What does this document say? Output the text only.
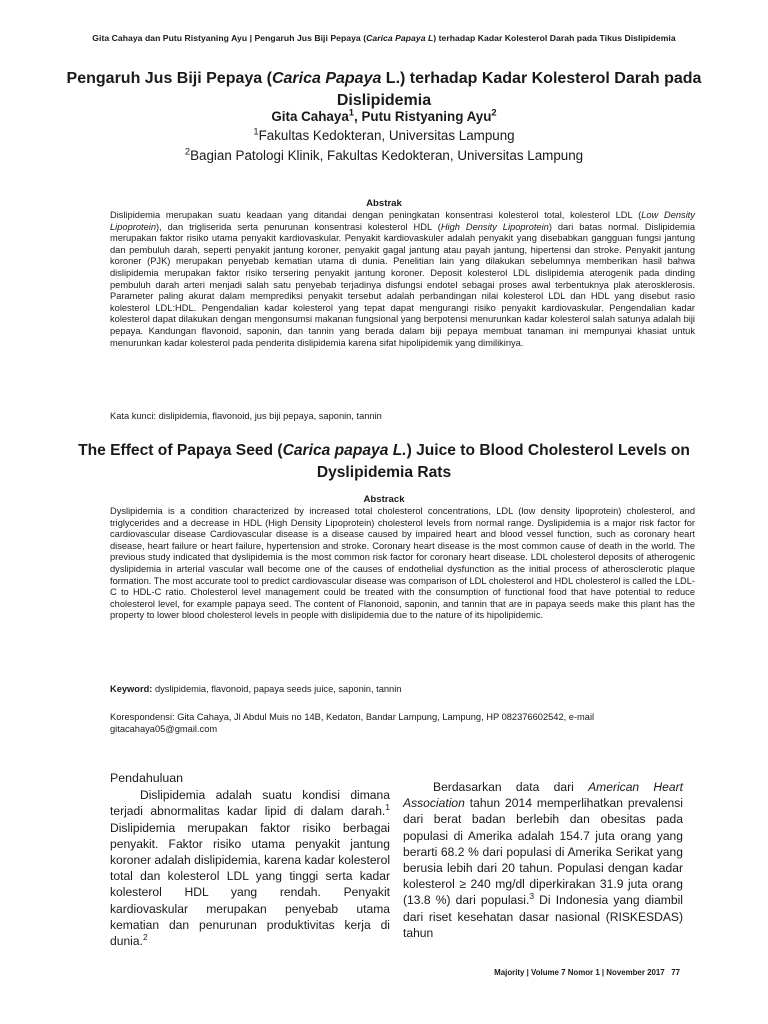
Gita Cahaya dan Putu Ristyaning Ayu | Pengaruh Jus Biji Pepaya (Carica Papaya L) terhadap Kadar Kolesterol Darah pada Tikus Dislipidemia
Pengaruh Jus Biji Pepaya (Carica Papaya L.) terhadap Kadar Kolesterol Darah pada Dislipidemia
Gita Cahaya$^1$, Putu Ristyaning Ayu$^2$
$^1$Fakultas Kedokteran, Universitas Lampung
$^2$Bagian Patologi Klinik, Fakultas Kedokteran, Universitas Lampung
Abstrak

Dislipidemia merupakan suatu keadaan yang ditandai dengan peningkatan konsentrasi kolesterol total, kolesterol LDL (Low Density Lipoprotein), dan trigliserida serta penurunan konsentrasi kolesterol HDL (High Density Lipoprotein) dari batas normal. Dislipidemia merupakan faktor risiko utama penyakit kardiovaskular. Penyakit kardiovaskuler adalah penyakit yang disebabkan gangguan fungsi jantung dan pembuluh darah, seperti penyakit jantung koroner, penyakit gagal jantung atau payah jantung, hipertensi dan stroke. Penyakit jantung koroner (PJK) merupakan penyebab kematian utama di dunia. Penelitian lain yang dilakukan sebelumnya memberikan hasil bahwa dislipidemia merupakan faktor risiko tersering penyakit jantung koroner. Deposit kolesterol LDL dislipidemia aterogenik pada dinding pembuluh darah arteri menjadi salah satu penyebab terjadinya disfungsi endotel sebagai proses awal terbentuknya plak aterosklerosis. Parameter paling akurat dalam memprediksi penyakit tersebut adalah perbandingan nilai kolesterol LDL dan HDL yang disebut rasio kolesterol LDL:HDL. Pengendalian kadar kolesterol yang tepat dapat mengurangi risiko penyakit kardiovaskular. Pengendalian kadar kolesterol dapat dilakukan dengan mengonsumsi makanan fungsional yang berpotensi menurunkan kadar kolesterol salah satunya adalah biji pepaya. Kandungan flavonoid, saponin, dan tannin yang berada dalam biji pepaya membuat tanaman ini mempunyai khasiat untuk menurunkan kadar kolesterol pada penderita dislipidemia karena sifat hipolipidemik yang dimilikinya.

Kata kunci: dislipidemia, flavonoid, jus biji pepaya, saponin, tannin
The Effect of Papaya Seed (Carica papaya L.) Juice to Blood Cholesterol Levels on Dyslipidemia Rats
Abstrack

Dyslipidemia is a condition characterized by increased total cholesterol concentrations, LDL (low density lipoprotein) cholesterol, and triglycerides and a decrease in HDL (High Density Lipoprotein) cholesterol levels from normal range. Dyslipidemia is a major risk factor for cardiovascular disease Cardiovascular disease is a disease caused by impaired heart and blood vessel function, such as coronary heart disease, heart failure or heart failure, hypertension and stroke. Coronary heart disease is the most common cause of death in the world. The previous study indicated that dyslipidemia is the most common risk factor for coronary heart disease. LDL cholesterol deposits of atherogenic dyslipidemia in arterial vascular wall become one of the causes of endothelial dysfunction as the initial process of atherosclerotic plaque formation. The most accurate tool to predict cardiovascular disease was comparison of LDL cholesterol and HDL cholesterol is called the LDL-C to HDL-C ratio. Cholesterol level management could be treated with the consumption of functional food that have potential to reduce cholesterol level, for example papaya seed. The content of Flanonoid, saponin, and tannin that are in papaya seeds make this plant has the property to lower blood cholesterol levels in people with dislipidemia due to the nature of its hipolipidemic.

Keyword: dyslipidemia, flavonoid, papaya seeds juice, saponin, tannin
Korespondensi: Gita Cahaya, Jl Abdul Muis no 14B, Kedaton, Bandar Lampung, Lampung, HP 082376602542, e-mail
gitacahaya05@gmail.com
Pendahuluan

Dislipidemia adalah suatu kondisi dimana terjadi abnormalitas kadar lipid di dalam darah.$^1$ Dislipidemia merupakan faktor risiko berbagai penyakit. Faktor risiko utama penyakit jantung koroner adalah dislipidemia, karena kadar kolesterol total dan kolesterol LDL yang tinggi serta kadar kolesterol HDL yang rendah. Penyakit kardiovaskular merupakan penyebab utama kematian dan penurunan produktivitas kerja di dunia.$^2$

Berdasarkan data dari American Heart Association tahun 2014 memperlihatkan prevalensi dari berat badan berlebih dan obesitas pada populasi di Amerika adalah 154.7 juta orang yang berarti 68.2 % dari populasi di Amerika Serikat yang berusia lebih dari 20 tahun. Populasi dengan kadar kolesterol ≥ 240 mg/dl diperkirakan 31.9 juta orang (13.8 %) dari populasi.$^3$ Di Indonesia yang diambil dari riset kesehatan dasar nasional (RISKESDAS) tahun

Majority | Volume 7 Nomor 1 | November 2017 77
